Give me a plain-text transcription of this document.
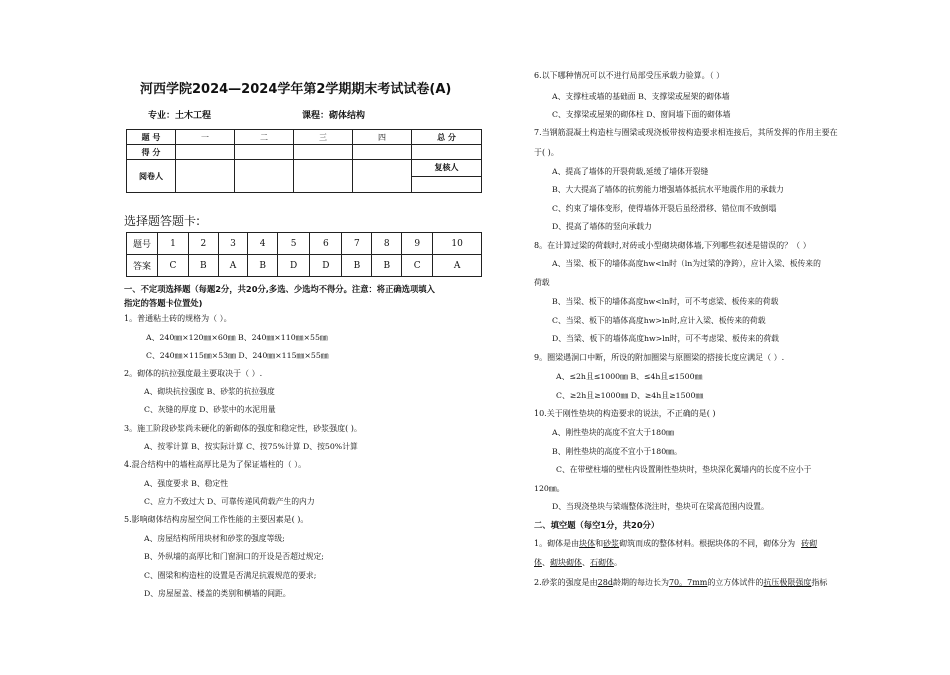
河西学院2024—2024学年第2学期期末考试试卷(A)
专业：土木工程	课程：砌体结构
题 号	一	二	三	四	总 分
得 分					
阅卷人					复核人

选择题答题卡:
题号	1	2	3	4	5	6	7	8	9	10
答案	C	B	A	B	D	D	B	B	C	A
一、不定项选择题（每题2分，共20分,多选、少选均不得分。注意：将正确选项填入
指定的答题卡位置处)
1。普通粘土砖的规格为（ ）。
A、240㎜×120㎜×60㎜ B、240㎜×110㎜×55㎜
C、240㎜×115㎜×53㎜ D、240㎜×115㎜×55㎜
2。砌体的抗拉强度最主要取决于（ ）.
A、砌块抗拉强度 B、砂浆的抗拉强度
C、灰缝的厚度 D、砂浆中的水泥用量
3。施工阶段砂浆尚未硬化的新砌体的强度和稳定性，砂浆强度( )。
A、按零计算 B、按实际计算 C、按75%计算 D、按50%计算
4.混合结构中的墙柱高厚比是为了保证墙柱的（ ）。
A、强度要求 B、稳定性
C、应力不致过大 D、可靠传递风荷载产生的内力
5.影响砌体结构房屋空间工作性能的主要因素是( )。
A、房屋结构所用块材和砂浆的强度等级;
B、外纵墙的高厚比和门窗洞口的开设是否超过规定;
C、圈梁和构造柱的设置是否满足抗震规范的要求;
D、房屋屋盖、楼盖的类别和横墙的间距。
6.以下哪种情况可以不进行局部受压承载力验算。（ ）
A、支撑柱或墙的基础面 B、支撑梁或屋架的砌体墙
C、支撑梁或屋架的砌体柱 D、窗间墙下面的砌体墙
7.当钢筋混凝土构造柱与圈梁或现浇板带按构造要求相连接后，其所发挥的作用主要在
于( )。
A、提高了墙体的开裂荷载,延缓了墙体开裂缝
B、大大提高了墙体的抗剪能力增强墙体抵抗水平地震作用的承载力
C、约束了墙体变形，使得墙体开裂后虽经滑移、错位而不致倒塌
D、提高了墙体的竖向承载力
8。在计算过梁的荷载时,对砖或小型砌块砌体墙,下列哪些叙述是错误的？（ ）
A、当梁、板下的墙体高度hw<ln时（ln为过梁的净跨），应计入梁、板传来的
荷载
B、当梁、板下的墙体高度hw<ln时，可不考虑梁、板传来的荷载
C、当梁、板下的墙体高度hw>ln时,应计入梁、板传来的荷载
D、当梁、板下的墙体高度hw>ln时，可不考虑梁、板传来的荷载
9。圈梁遇洞口中断，所设的附加圈梁与原圈梁的搭接长度应满足（ ）.
A、≤2h且≤1000㎜ B、≤4h且≤1500㎜
C、≥2h且≥1000㎜ D、≥4h且≥1500㎜
10.关于刚性垫块的构造要求的说法，不正确的是( )
A、刚性垫块的高度不宜大于180㎜
B、刚性垫块的高度不宜小于180㎜。
C、在带壁柱墙的壁柱内设置刚性垫块时，垫块深化翼墙内的长度不应小于
120㎜。
D、当现浇垫块与梁端整体浇注时，垫块可在梁高范围内设置。
二、填空题（每空1分，共20分）
1。砌体是由块体和砂浆砌筑而成的整体材料。根据块体的不同，砌体分为 砖砌
体、砌块砌体、石砌体。
2.砂浆的强度是由28d龄期的每边长为70。7mm的立方体试件的抗压极限强度指标
